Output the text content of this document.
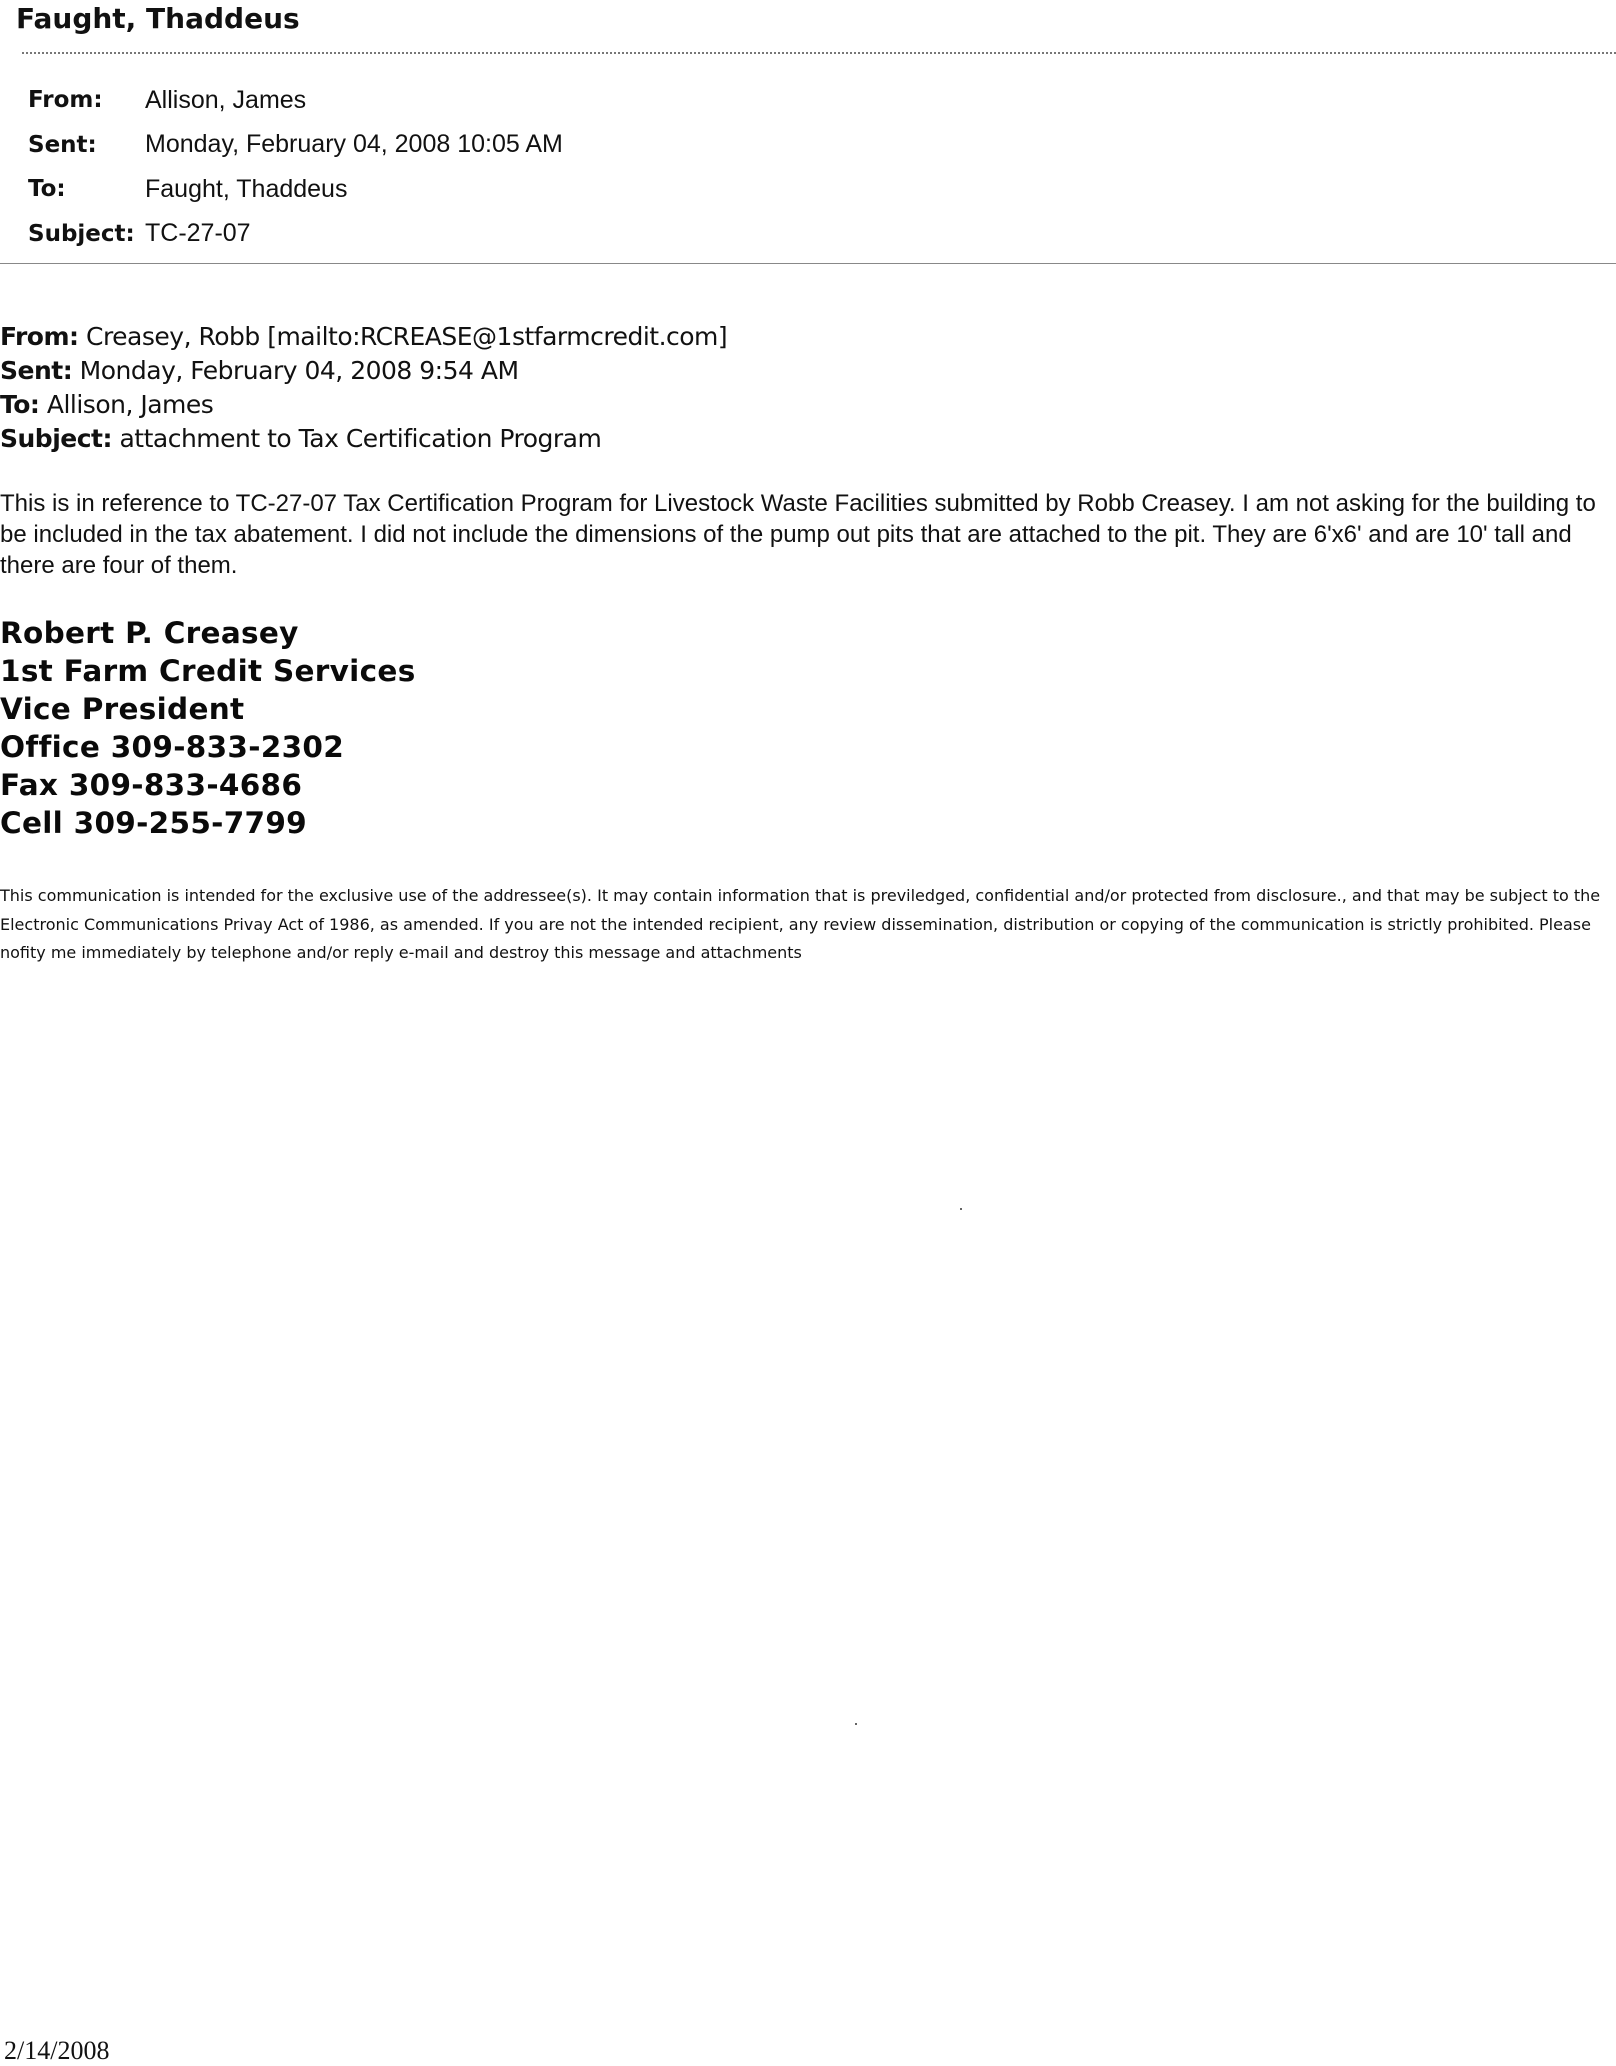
Faught, Thaddeus
From:	Allison, James
Sent:	Monday, February 04, 2008 10:05 AM
To:	Faught, Thaddeus
Subject: TC-27-07
From: Creasey, Robb [mailto:RCREASE@1stfarmcredit.com]
Sent: Monday, February 04, 2008 9:54 AM
To: Allison, James
Subject: attachment to Tax Certification Program
This is in reference to TC-27-07 Tax Certification Program for Livestock Waste Facilities submitted by Robb Creasey. I am not asking for the building to be included in the tax abatement. I did not include the dimensions of the pump out pits that are attached to the pit. They are 6'x6' and are 10' tall and there are four of them.
Robert P. Creasey
1st Farm Credit Services
Vice President
Office 309-833-2302
Fax 309-833-4686
Cell 309-255-7799
This communication is intended for the exclusive use of the addressee(s). It may contain information that is previledged, confidential and/or protected from disclosure., and that may be subject to the Electronic Communications Privay Act of 1986, as amended. If you are not the intended recipient, any review dissemination, distribution or copying of the communication is strictly prohibited. Please nofity me immediately by telephone and/or reply e-mail and destroy this message and attachments
2/14/2008
